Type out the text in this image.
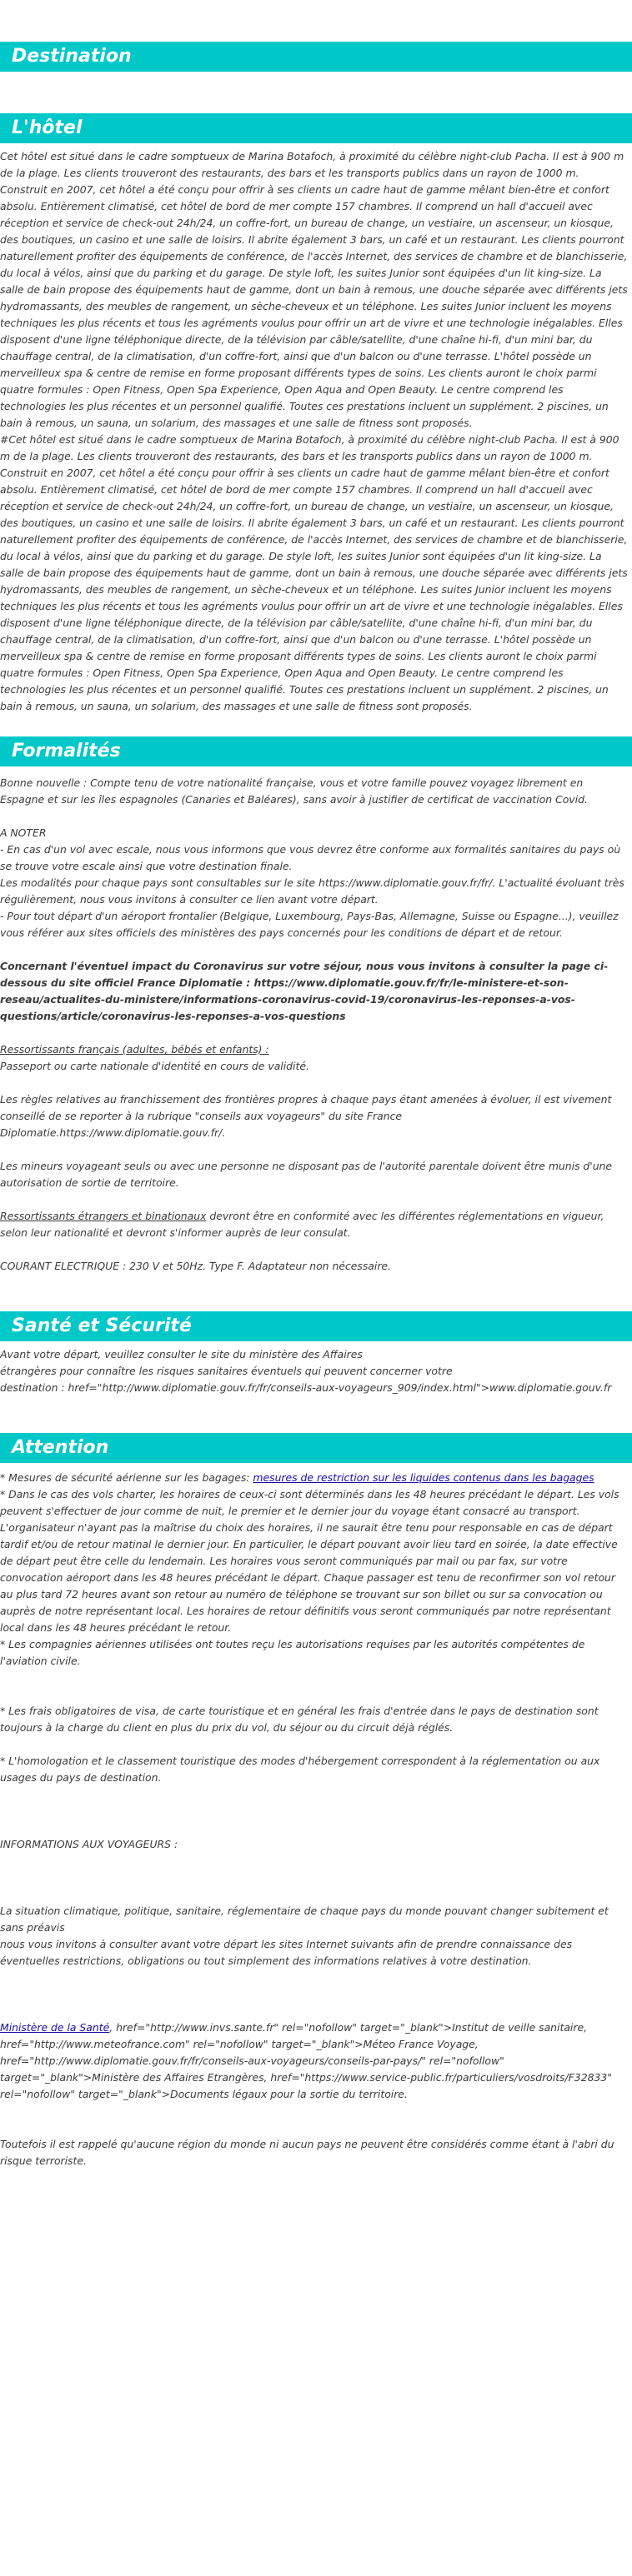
Destination
L'hôtel

Cet hôtel est situé dans le cadre somptueux de Marina Botafoch, à proximité du célèbre night-club Pacha. Il est à 900 m de la plage. Les clients trouveront des restaurants, des bars et les transports publics dans un rayon de 1000 m. Construit en 2007, cet hôtel a été conçu pour offrir à ses clients un cadre haut de gamme mêlant bien-être et confort absolu. Entièrement climatisé, cet hôtel de bord de mer compte 157 chambres. Il comprend un hall d'accueil avec réception et service de check-out 24h/24, un coffre-fort, un bureau de change, un vestiaire, un ascenseur, un kiosque, des boutiques, un casino et une salle de loisirs. Il abrite également 3 bars, un café et un restaurant. Les clients pourront naturellement profiter des équipements de conférence, de l'accès Internet, des services de chambre et de blanchisserie, du local à vélos, ainsi que du parking et du garage. De style loft, les suites Junior sont équipées d'un lit king-size. La salle de bain propose des équipements haut de gamme, dont un bain à remous, une douche séparée avec différents jets hydromassants, des meubles de rangement, un sèche-cheveux et un téléphone. Les suites Junior incluent les moyens techniques les plus récents et tous les agréments voulus pour offrir un art de vivre et une technologie inégalables. Elles disposent d'une ligne téléphonique directe, de la télévision par câble/satellite, d'une chaîne hi-fi, d'un mini bar, du chauffage central, de la climatisation, d'un coffre-fort, ainsi que d'un balcon ou d'une terrasse. L'hôtel possède un merveilleux spa & centre de remise en forme proposant différents types de soins. Les clients auront le choix parmi quatre formules : Open Fitness, Open Spa Experience, Open Aqua and Open Beauty. Le centre comprend les technologies les plus récentes et un personnel qualifié. Toutes ces prestations incluent un supplément. 2 piscines, un bain à remous, un sauna, un solarium, des massages et une salle de fitness sont proposés.

#Cet hôtel est situé dans le cadre somptueux de Marina Botafoch, à proximité du célèbre night-club Pacha. Il est à 900 m de la plage. Les clients trouveront des restaurants, des bars et les transports publics dans un rayon de 1000 m. Construit en 2007, cet hôtel a été conçu pour offrir à ses clients un cadre haut de gamme mêlant bien-être et confort absolu. Entièrement climatisé, cet hôtel de bord de mer compte 157 chambres. Il comprend un hall d'accueil avec réception et service de check-out 24h/24, un coffre-fort, un bureau de change, un vestiaire, un ascenseur, un kiosque, des boutiques, un casino et une salle de loisirs. Il abrite également 3 bars, un café et un restaurant. Les clients pourront naturellement profiter des équipements de conférence, de l'accès Internet, des services de chambre et de blanchisserie, du local à vélos, ainsi que du parking et du garage. De style loft, les suites Junior sont équipées d'un lit king-size. La salle de bain propose des équipements haut de gamme, dont un bain à remous, une douche séparée avec différents jets hydromassants, des meubles de rangement, un sèche-cheveux et un téléphone. Les suites Junior incluent les moyens techniques les plus récents et tous les agréments voulus pour offrir un art de vivre et une technologie inégalables. Elles disposent d'une ligne téléphonique directe, de la télévision par câble/satellite, d'une chaîne hi-fi, d'un mini bar, du chauffage central, de la climatisation, d'un coffre-fort, ainsi que d'un balcon ou d'une terrasse. L'hôtel possède un merveilleux spa & centre de remise en forme proposant différents types de soins. Les clients auront le choix parmi quatre formules : Open Fitness, Open Spa Experience, Open Aqua and Open Beauty. Le centre comprend les technologies les plus récentes et un personnel qualifié. Toutes ces prestations incluent un supplément. 2 piscines, un bain à remous, un sauna, un solarium, des massages et une salle de fitness sont proposés.

Formalités

Bonne nouvelle : Compte tenu de votre nationalité française, vous et votre famille pouvez voyagez librement en Espagne et sur les îles espagnoles (Canaries et Baléares), sans avoir à justifier de certificat de vaccination Covid.

A NOTER

- En cas d'un vol avec escale, nous vous informons que vous devrez être conforme aux formalités sanitaires du pays où se trouve votre escale ainsi que votre destination finale.

Les modalités pour chaque pays sont consultables sur le site https://www.diplomatie.gouv.fr/fr/. L'actualité évoluant très régulièrement, nous vous invitons à consulter ce lien avant votre départ.

- Pour tout départ d'un aéroport frontalier (Belgique, Luxembourg, Pays-Bas, Allemagne, Suisse ou Espagne...), veuillez vous référer aux sites officiels des ministères des pays concernés pour les conditions de départ et de retour.

Concernant l'éventuel impact du Coronavirus sur votre séjour, nous vous invitons à consulter la page ci-dessous du site officiel France Diplomatie : https://www.diplomatie.gouv.fr/fr/le-ministere-et-son-reseau/actualites-du-ministere/informations-coronavirus-covid-19/coronavirus-les-reponses-a-vos-questions/article/coronavirus-les-reponses-a-vos-questions

Ressortissants français (adultes, bébés et enfants) :

Passeport ou carte nationale d'identité en cours de validité.

Les règles relatives au franchissement des frontières propres à chaque pays étant amenées à évoluer, il est vivement conseillé de se reporter à la rubrique "conseils aux voyageurs" du site France Diplomatie.https://www.diplomatie.gouv.fr/.

Les mineurs voyageant seuls ou avec une personne ne disposant pas de l'autorité parentale doivent être munis d'une autorisation de sortie de territoire.

Ressortissants étrangers et binationaux devront être en conformité avec les différentes réglementations en vigueur, selon leur nationalité et devront s'informer auprès de leur consulat.

COURANT ELECTRIQUE : 230 V et 50Hz. Type F. Adaptateur non nécessaire.

Santé et Sécurité

Avant votre départ, veuillez consulter le site du ministère des Affaires

étrangères pour connaître les risques sanitaires éventuels qui peuvent concerner votre

destination : href="http://www.diplomatie.gouv.fr/fr/conseils-aux-voyageurs_909/index.html">www.diplomatie.gouv.fr

Attention

* Mesures de sécurité aérienne sur les bagages: mesures de restriction sur les liquides contenus dans les bagages

* Dans le cas des vols charter, les horaires de ceux-ci sont déterminés dans les 48 heures précédant le départ. Les vols peuvent s'effectuer de jour comme de nuit, le premier et le dernier jour du voyage étant consacré au transport. L'organisateur n'ayant pas la maîtrise du choix des horaires, il ne saurait être tenu pour responsable en cas de départ tardif et/ou de retour matinal le dernier jour. En particulier, le départ pouvant avoir lieu tard en soirée, la date effective de départ peut être celle du lendemain. Les horaires vous seront communiqués par mail ou par fax, sur votre convocation aéroport dans les 48 heures précédant le départ. Chaque passager est tenu de reconfirmer son vol retour au plus tard 72 heures avant son retour au numéro de téléphone se trouvant sur son billet ou sur sa convocation ou auprès de notre représentant local. Les horaires de retour définitifs vous seront communiqués par notre représentant local dans les 48 heures précédant le retour.

* Les compagnies aériennes utilisées ont toutes reçu les autorisations requises par les autorités compétentes de l'aviation civile.

* Les frais obligatoires de visa, de carte touristique et en général les frais d'entrée dans le pays de destination sont toujours à la charge du client en plus du prix du vol, du séjour ou du circuit déjà réglés.

* L'homologation et le classement touristique des modes d'hébergement correspondent à la réglementation ou aux usages du pays de destination.

INFORMATIONS AUX VOYAGEURS :

La situation climatique, politique, sanitaire, réglementaire de chaque pays du monde pouvant changer subitement et sans préavis

nous vous invitons à consulter avant votre départ les sites Internet suivants afin de prendre connaissance des éventuelles restrictions, obligations ou tout simplement des informations relatives à votre destination.

Ministère de la Santé, href="http://www.invs.sante.fr" rel="nofollow" target="_blank">Institut de veille sanitaire, href="http://www.meteofrance.com" rel="nofollow" target="_blank">Méteo France Voyage, href="http://www.diplomatie.gouv.fr/fr/conseils-aux-voyageurs/conseils-par-pays/" rel="nofollow" target="_blank">Ministère des Affaires Etrangères, href="https://www.service-public.fr/particuliers/vosdroits/F32833" rel="nofollow" target="_blank">Documents légaux pour la sortie du territoire.

Toutefois il est rappelé qu'aucune région du monde ni aucun pays ne peuvent être considérés comme étant à l'abri du risque terroriste.
